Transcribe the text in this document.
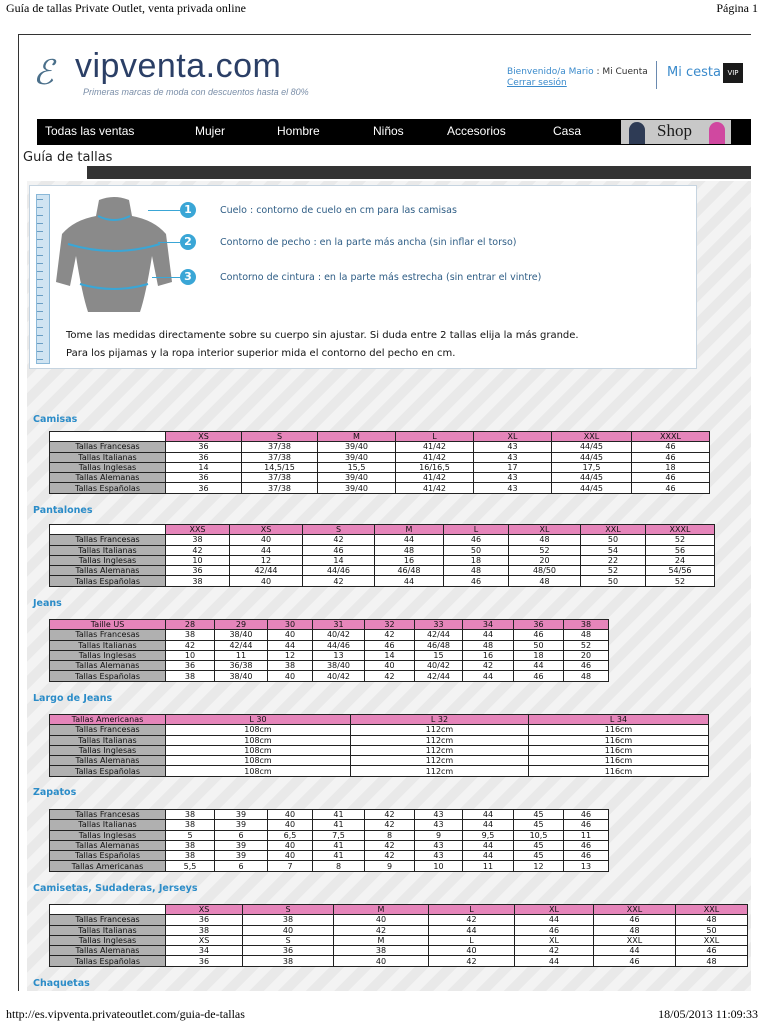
Guía de tallas Private Outlet, venta privada online	Página 1
ℰ vipventa.com
Primeras marcas de moda con descuentos hasta el 80%
Bienvenido/a Mario : Mi Cuenta
Cerrar sesión
Mi cesta VIP
Todas las ventas	Mujer	Hombre	Niños	Accesorios	Casa	Shop
Guía de tallas
1
2
3
Cuelo : contorno de cuelo en cm para las camisas
Contorno de pecho : en la parte más ancha (sin inflar el torso)
Contorno de cintura : en la parte más estrecha (sin entrar el vintre)
Tome las medidas directamente sobre su cuerpo sin ajustar. Si duda entre 2 tallas elija la más grande.
Para los pijamas y la ropa interior superior mida el contorno del pecho en cm.
Camisas
	XS	S	M	L	XL	XXL	XXXL
Tallas Francesas	36	37/38	39/40	41/42	43	44/45	46
Tallas Italianas	36	37/38	39/40	41/42	43	44/45	46
Tallas Inglesas	14	14,5/15	15,5	16/16,5	17	17,5	18
Tallas Alemanas	36	37/38	39/40	41/42	43	44/45	46
Tallas Españolas	36	37/38	39/40	41/42	43	44/45	46
Pantalones
	XXS	XS	S	M	L	XL	XXL	XXXL
Tallas Francesas	38	40	42	44	46	48	50	52
Tallas Italianas	42	44	46	48	50	52	54	56
Tallas Inglesas	10	12	14	16	18	20	22	24
Tallas Alemanas	36	42/44	44/46	46/48	48	48/50	52	54/56
Tallas Españolas	38	40	42	44	46	48	50	52
Jeans
Taille US	28	29	30	31	32	33	34	36	38
Tallas Francesas	38	38/40	40	40/42	42	42/44	44	46	48
Tallas Italianas	42	42/44	44	44/46	46	46/48	48	50	52
Tallas Inglesas	10	11	12	13	14	15	16	18	20
Tallas Alemanas	36	36/38	38	38/40	40	40/42	42	44	46
Tallas Españolas	38	38/40	40	40/42	42	42/44	44	46	48
Largo de Jeans
Tallas Americanas	L 30	L 32	L 34
Tallas Francesas	108cm	112cm	116cm
Tallas Italianas	108cm	112cm	116cm
Tallas Inglesas	108cm	112cm	116cm
Tallas Alemanas	108cm	112cm	116cm
Tallas Españolas	108cm	112cm	116cm
Zapatos
Tallas Francesas	38	39	40	41	42	43	44	45	46
Tallas Italianas	38	39	40	41	42	43	44	45	46
Tallas Inglesas	5	6	6,5	7,5	8	9	9,5	10,5	11
Tallas Alemanas	38	39	40	41	42	43	44	45	46
Tallas Españolas	38	39	40	41	42	43	44	45	46
Tallas Americanas	5,5	6	7	8	9	10	11	12	13
Camisetas, Sudaderas, Jerseys
	XS	S	M	L	XL	XXL	XXL
Tallas Francesas	36	38	40	42	44	46	48
Tallas Italianas	38	40	42	44	46	48	50
Tallas Inglesas	XS	S	M	L	XL	XXL	XXL
Tallas Alemanas	34	36	38	40	42	44	46
Tallas Españolas	36	38	40	42	44	46	48
Chaquetas

http://es.vipventa.privateoutlet.com/guia-de-tallas	18/05/2013 11:09:33
